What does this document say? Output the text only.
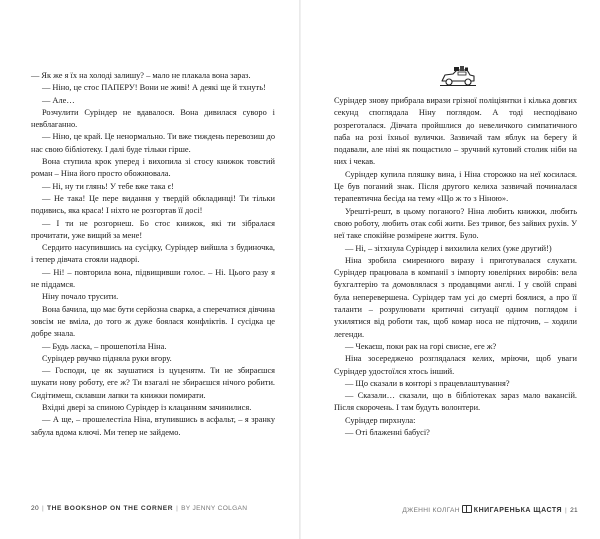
— Як же я їх на холоді залишу? – мало не плакала вона зараз.

— Ніно, це стос ПАПЕРУ! Вони не живі! А деякі ще й тхнуть!

— Але…

Розчулити Суріндер не вдавалося. Вона дивилася суворо і невблаганно.

— Ніно, це край. Це ненормально. Ти вже тиждень перевозиш до нас свою бібліотеку. І далі буде тільки гірше.

Вона ступила крок уперед і вихопила зі стосу книжок товстий роман – Ніна його просто обожнювала.

— Ні, ну ти глянь! У тебе вже така є!

— Не така! Це пере видання у твердій обкладинці! Ти тільки подивись, яка краса! І ніхто не розгортав її досі!

— І ти не розгорнеш. Бо стос книжок, які ти зібралася прочитати, уже вищий за мене!

Сердито насупившись на сусідку, Суріндер вийшла з будиночка, і тепер дівчата стояли надворі.

— Ні! – повторила вона, підвищивши голос. – Ні. Цього разу я не піддамся.

Ніну почало трусити.

Вона бачила, що має бути серйозна сварка, а сперечатися дівчина зовсім не вміла, до того ж дуже боялася конфліктів. І сусідка це добре знала.

— Будь ласка, – прошепотіла Ніна.

Суріндер рвучко підняла руки вгору.

— Господи, це як заушатися із цуценятм. Ти не збираєшся шукати нову роботу, еге ж? Ти взагалі не збираєшся нічого робити. Сидітимеш, склавши лапки та книжки помирати.

Вхідні двері за спиною Суріндер із клацанням зачинилися.

— А ще, – прошелестіла Ніна, втупившись в асфальт, – я зранку забула вдома ключі. Ми тепер не зайдемо.

20 | THE BOOKSHOP ON THE CORNER | BY JENNY COLGAN

Суріндер знову прибрала вирази грізної поліціянтки і кілька довгих секунд споглядала Ніну поглядом. А тоді несподівано розреготалася. Дівчата пройшлися до невеличкого симпатичного паба на розі їхньої вулички. Зазвичай там яблук на берегу й подавали, але ніні як пощастило – зручний кутовий столик ніби на них і чекав.

Суріндер купила пляшку вина, і Ніна сторожко на неї косилася. Це був поганий знак. Після другого келиха зазвичай починалася терапевтична бесіда на тему «Що ж то з Ніною».

Урешті-решт, в цьому поганого? Ніна любить книжки, любить свою роботу, любить отак собі жити. Без тривог, без зайвих рухів. У неї таке спокійне розмірене життя. Було.

— Ні, – зітхнула Суріндер і вихилила келих (уже другий!)

Ніна зробила смиренного виразу і приготувалася слухати. Суріндер працювала в компанії з імпорту ювелірних виробів: вела бухгалтерію та домовлялася з продавцями англі. І у своїй справі була неперевершена. Суріндер там усі до смерті боялися, а про її таланти – розрулювати критичні ситуації одним поглядом і ухилятися від роботи так, щоб комар носа не підточив, – ходили легенди.

— Чекаєш, поки рак на горі свисне, еге ж?

Ніна зосереджено розглядалася келих, мріючи, щоб уваги Суріндер удостоїлся хтось інший.

— Що сказали в конторі з працевлаштування?

— Сказали… сказали, що в бібліотеках зараз мало вакансій. Після скорочень. І там будуть волонтери.

Суріндер пирхнула:

— Оті блаженні бабусі?

ДЖЕННІ КОЛГАН КНИГАРЕНЬКА ЩАСТЯ | 21
